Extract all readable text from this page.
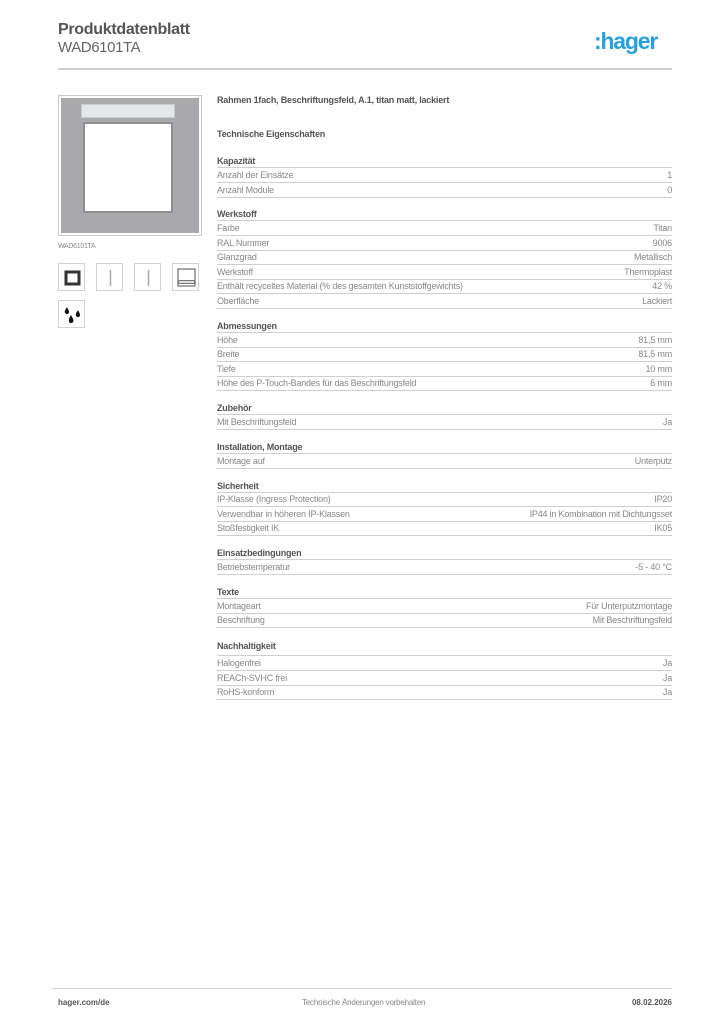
Produktdatenblatt
WAD6101TA	:hager
WAD6101TA
Rahmen 1fach, Beschriftungsfeld, A.1, titan matt, lackiert
Technische Eigenschaften
Kapazität
Anzahl der Einsätze	1
Anzahl Module	0
Werkstoff
Farbe	Titan
RAL Nummer	9006
Glanzgrad	Metallisch
Werkstoff	Thermoplast
Enthält recyceltes Material (% des gesamten Kunststoffgewichts)	42 %
Oberfläche	Lackiert
Abmessungen
Höhe	81,5 mm
Breite	81,5 mm
Tiefe	10 mm
Höhe des P-Touch-Bandes für das Beschriftungsfeld	6 mm
Zubehör
Mit Beschriftungsfeld	Ja
Installation, Montage
Montage auf	Unterputz
Sicherheit
IP-Klasse (Ingress Protection)	IP20
Verwendbar in höheren IP-Klassen	IP44 in Kombination mit Dichtungsset
Stoßfestigkeit IK	IK05
Einsatzbedingungen
Betriebstemperatur	-5 - 40 °C
Texte
Montageart	Für Unterputzmontage
Beschriftung	Mit Beschriftungsfeld
Nachhaltigkeit
Halogenfrei	Ja
REACh-SVHC frei	Ja
RoHS-konform	Ja
hager.com/de	Technische Änderungen vorbehalten	08.02.2026
